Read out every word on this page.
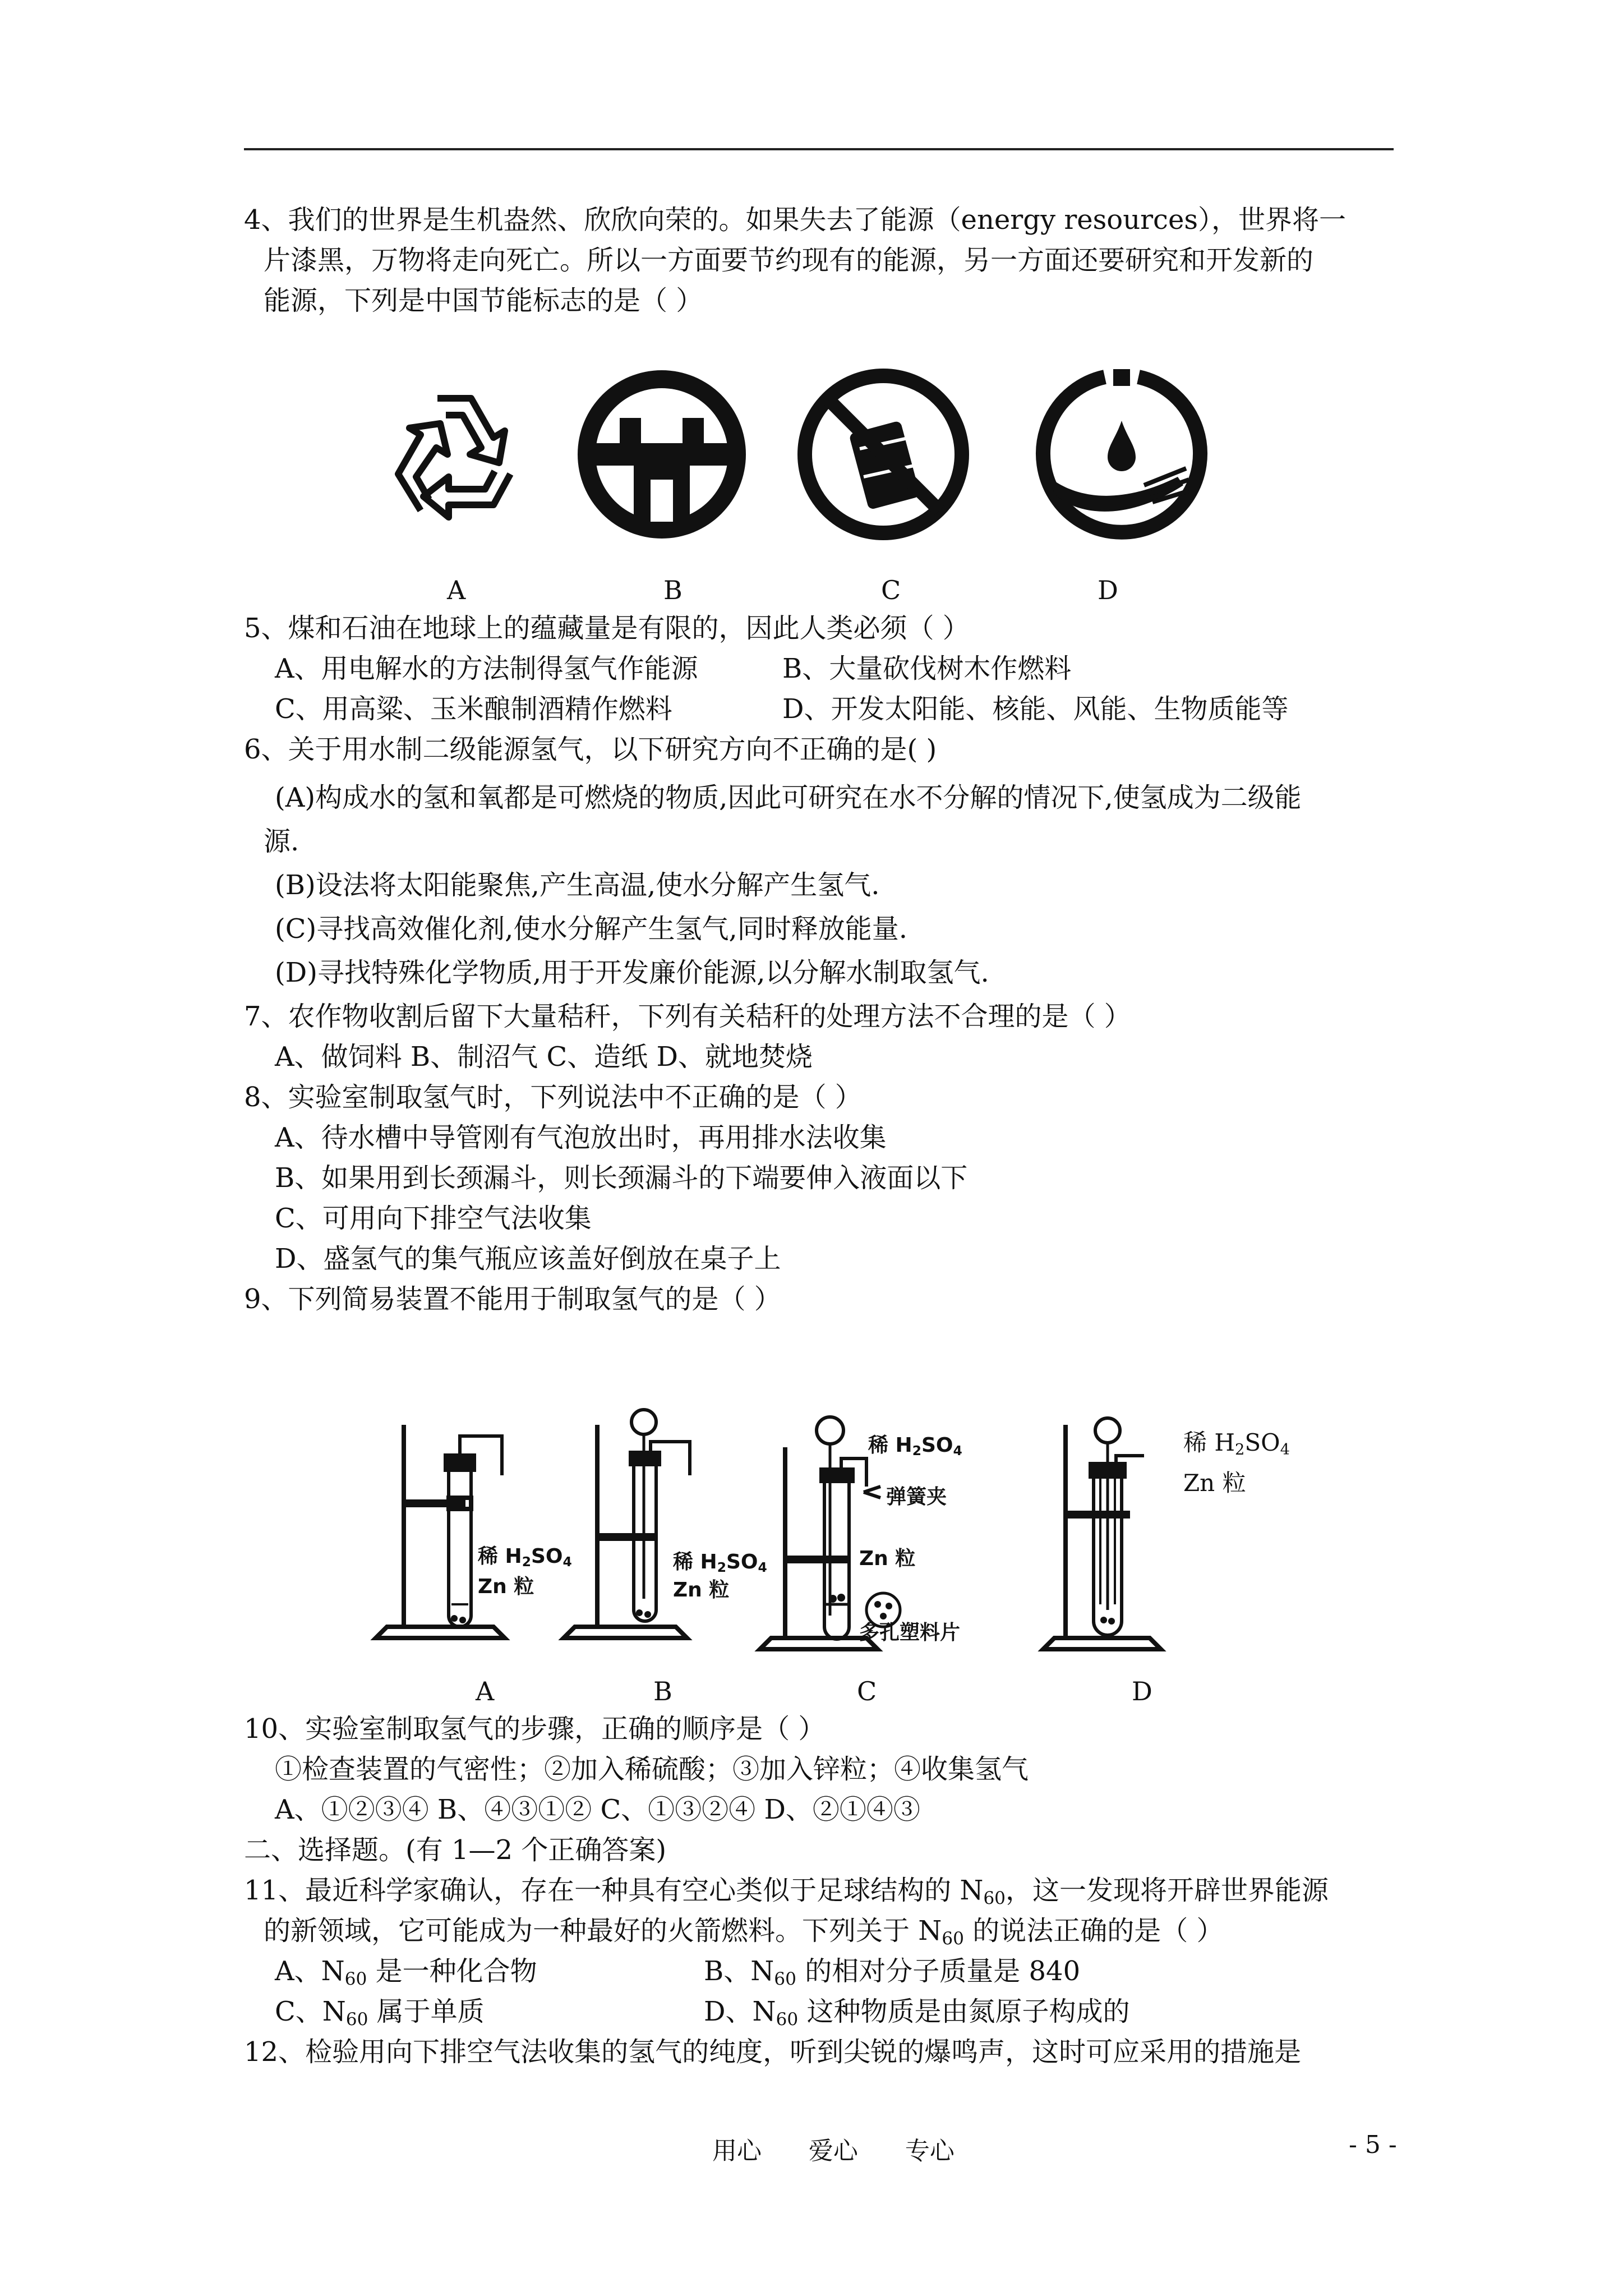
4、我们的世界是生机盎然、欣欣向荣的。如果失去了能源（energy resources），世界将一
片漆黑，万物将走向死亡。所以一方面要节约现有的能源，另一方面还要研究和开发新的
能源，下列是中国节能标志的是（ ）
A	B	C	D
5、煤和石油在地球上的蕴藏量是有限的，因此人类必须（ ）
A、用电解水的方法制得氢气作能源	B、大量砍伐树木作燃料
C、用高粱、玉米酿制酒精作燃料	D、开发太阳能、核能、风能、生物质能等
6、关于用水制二级能源氢气，以下研究方向不正确的是( )
(A)构成水的氢和氧都是可燃烧的物质,因此可研究在水不分解的情况下,使氢成为二级能
源.
(B)设法将太阳能聚焦,产生高温,使水分解产生氢气.
(C)寻找高效催化剂,使水分解产生氢气,同时释放能量.
(D)寻找特殊化学物质,用于开发廉价能源,以分解水制取氢气.
7、农作物收割后留下大量秸秆，下列有关秸秆的处理方法不合理的是（ ）
A、做饲料 B、制沼气 C、造纸 D、就地焚烧
8、实验室制取氢气时，下列说法中不正确的是（ ）
A、待水槽中导管刚有气泡放出时，再用排水法收集
B、如果用到长颈漏斗，则长颈漏斗的下端要伸入液面以下
C、可用向下排空气法收集
D、盛氢气的集气瓶应该盖好倒放在桌子上
9、下列简易装置不能用于制取氢气的是（ ）
稀 $H_2SO_4$
Zn 粒
稀 $H_2SO_4$
Zn 粒
稀 $H_2SO_4$
弹簧夹
Zn 粒
多孔塑料片
稀 $H_2SO_4$
Zn 粒
A	B	C	D
10、实验室制取氢气的步骤，正确的顺序是（ ）
①检查装置的气密性；②加入稀硫酸；③加入锌粒；④收集氢气
A、①②③④ B、④③①② C、①③②④ D、②①④③
二、选择题。(有 1—2 个正确答案)
11、最近科学家确认，存在一种具有空心类似于足球结构的 $N_{60}$，这一发现将开辟世界能源
的新领域，它可能成为一种最好的火箭燃料。下列关于 $N_{60}$ 的说法正确的是（ ）
A、$N_{60}$ 是一种化合物	B、$N_{60}$ 的相对分子质量是 840
C、$N_{60}$ 属于单质	D、$N_{60}$ 这种物质是由氮原子构成的
12、检验用向下排空气法收集的氢气的纯度，听到尖锐的爆鸣声，这时可应采用的措施是
用心      爱心      专心	- 5 -
